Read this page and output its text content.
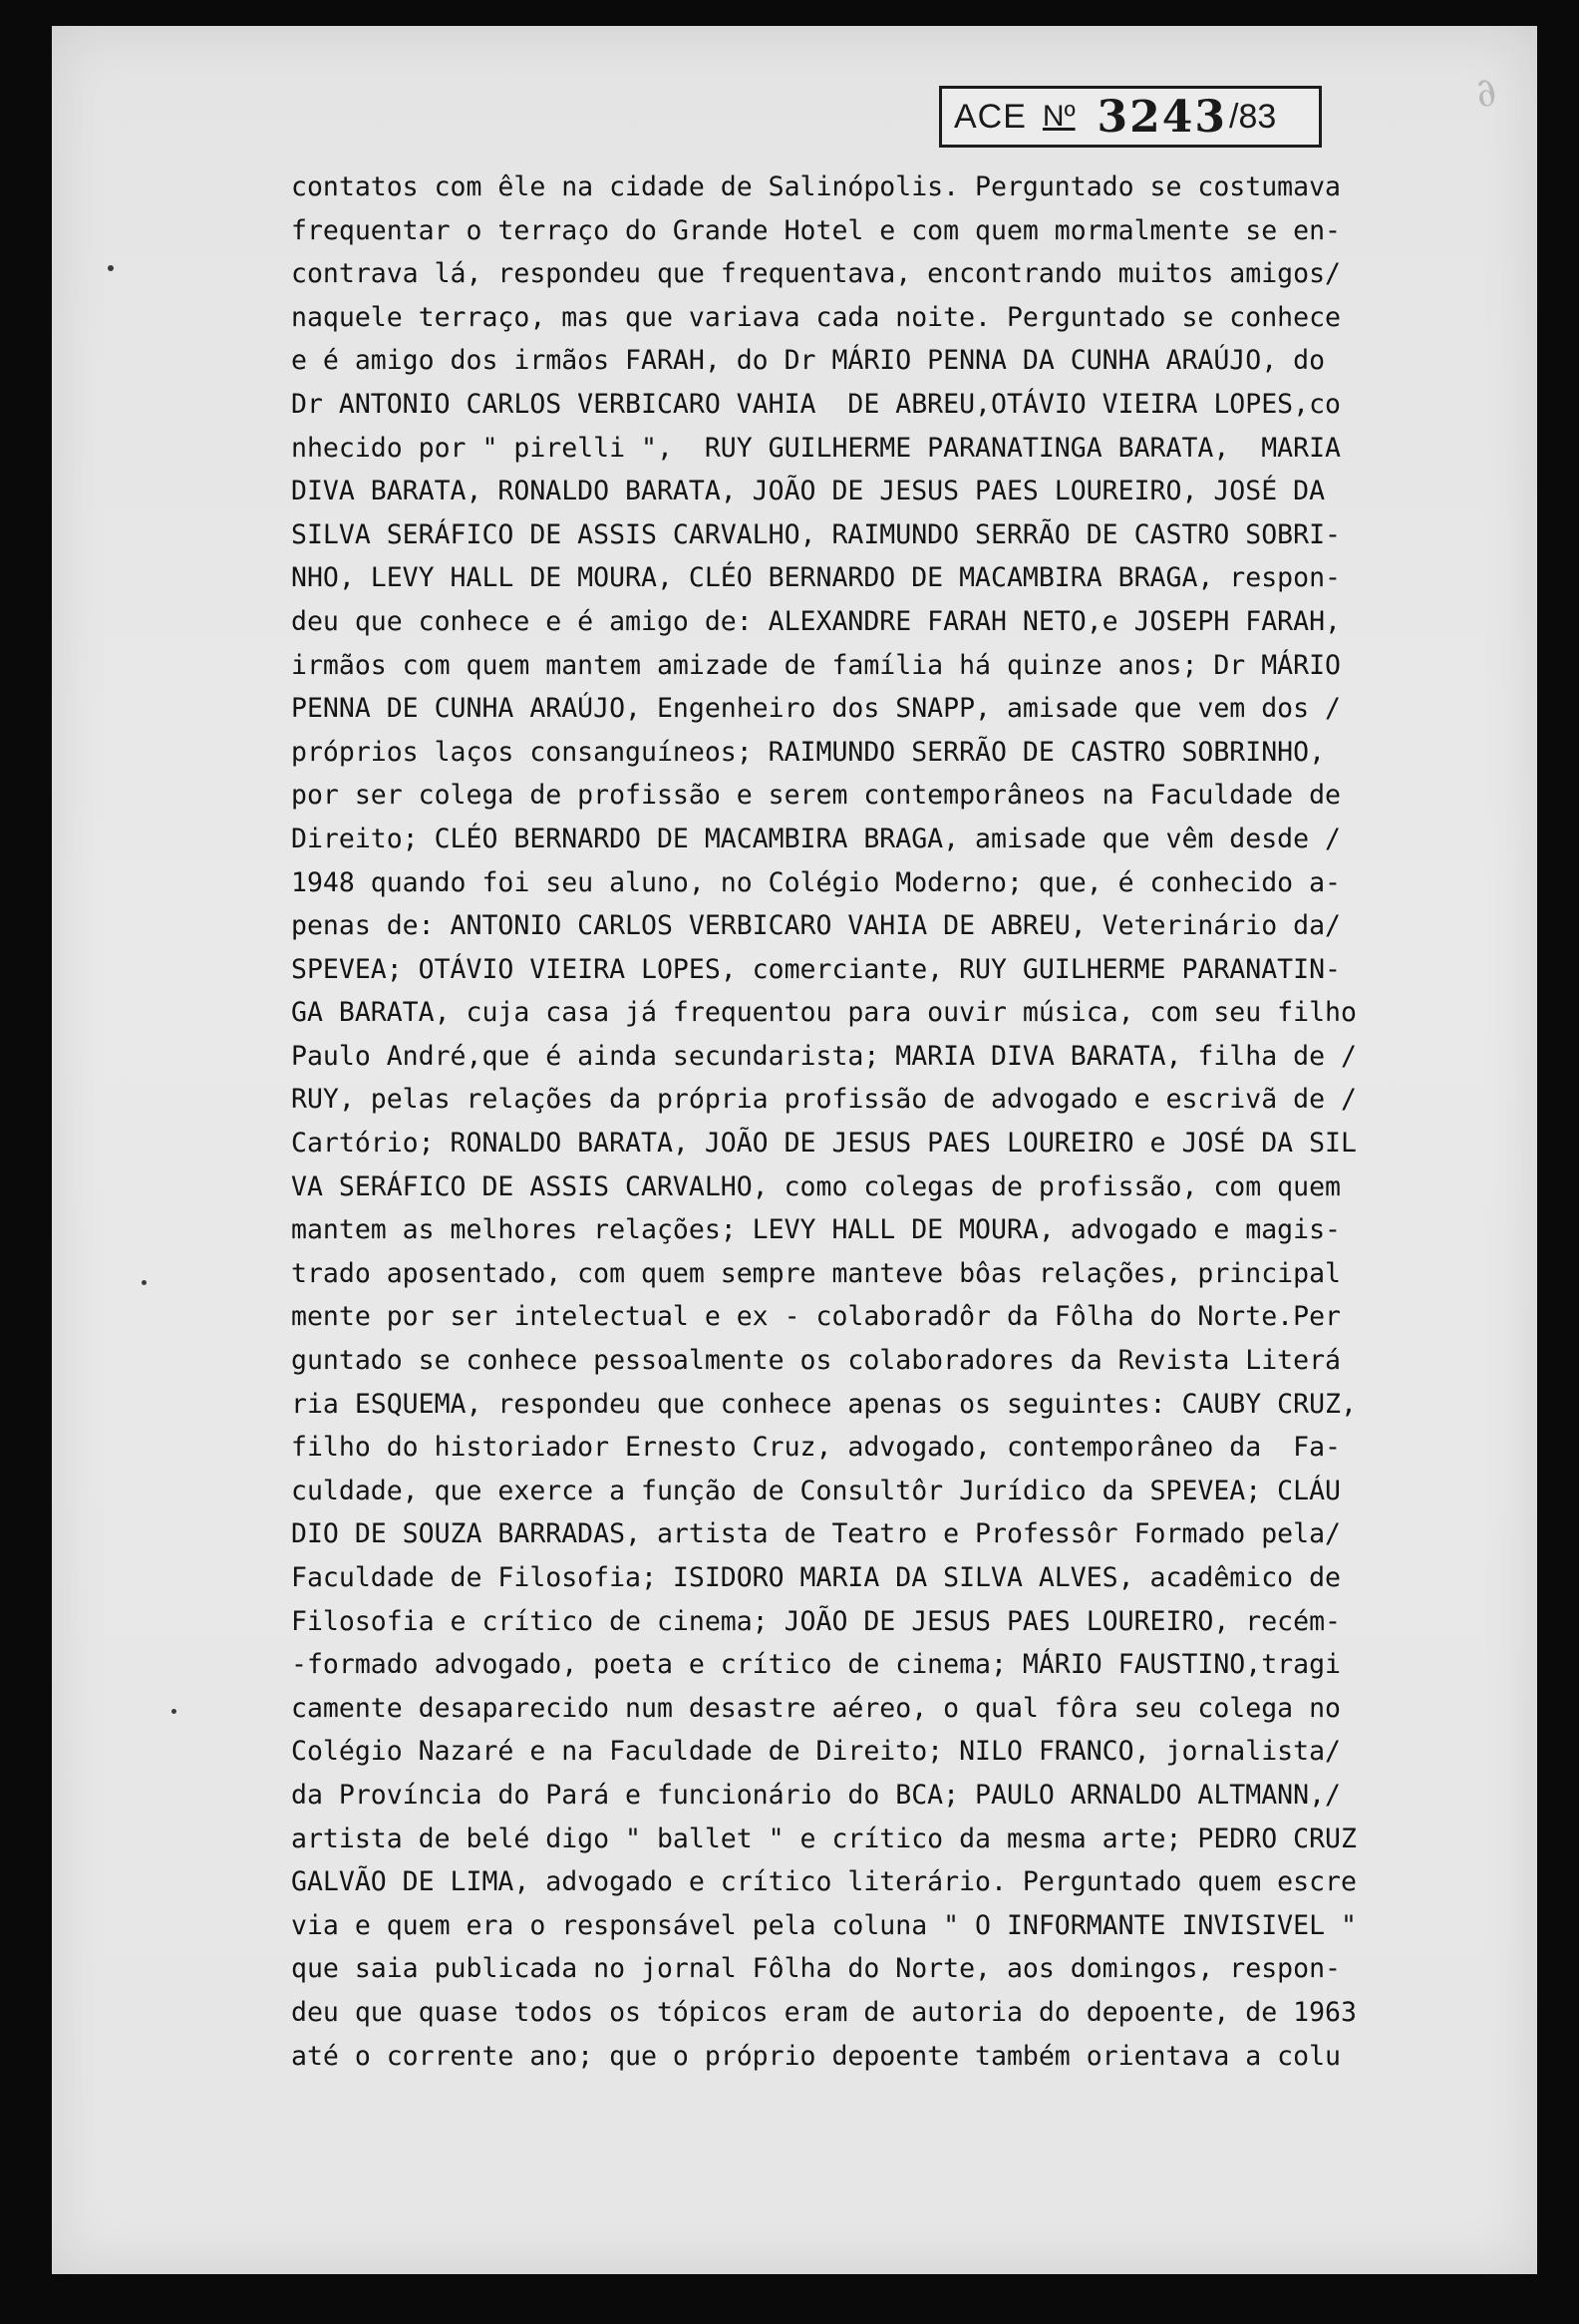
∂
ACE Nº 3243 /83
contatos com êle na cidade de Salinópolis. Perguntado se costumava
frequentar o terraço do Grande Hotel e com quem mormalmente se en-
contrava lá, respondeu que frequentava, encontrando muitos amigos/
naquele terraço, mas que variava cada noite. Perguntado se conhece
e é amigo dos irmãos FARAH, do Dr MÁRIO PENNA DA CUNHA ARAÚJO, do
Dr ANTONIO CARLOS VERBICARO VAHIA  DE ABREU,OTÁVIO VIEIRA LOPES,co
nhecido por " pirelli ",  RUY GUILHERME PARANATINGA BARATA,  MARIA
DIVA BARATA, RONALDO BARATA, JOÃO DE JESUS PAES LOUREIRO, JOSÉ DA
SILVA SERÁFICO DE ASSIS CARVALHO, RAIMUNDO SERRÃO DE CASTRO SOBRI-
NHO, LEVY HALL DE MOURA, CLÉO BERNARDO DE MACAMBIRA BRAGA, respon-
deu que conhece e é amigo de: ALEXANDRE FARAH NETO,e JOSEPH FARAH,
irmãos com quem mantem amizade de família há quinze anos; Dr MÁRIO
PENNA DE CUNHA ARAÚJO, Engenheiro dos SNAPP, amisade que vem dos /
próprios laços consanguíneos; RAIMUNDO SERRÃO DE CASTRO SOBRINHO,
por ser colega de profissão e serem contemporâneos na Faculdade de
Direito; CLÉO BERNARDO DE MACAMBIRA BRAGA, amisade que vêm desde /
1948 quando foi seu aluno, no Colégio Moderno; que, é conhecido a-
penas de: ANTONIO CARLOS VERBICARO VAHIA DE ABREU, Veterinário da/
SPEVEA; OTÁVIO VIEIRA LOPES, comerciante, RUY GUILHERME PARANATIN-
GA BARATA, cuja casa já frequentou para ouvir música, com seu filho
Paulo André,que é ainda secundarista; MARIA DIVA BARATA, filha de /
RUY, pelas relações da própria profissão de advogado e escrivã de /
Cartório; RONALDO BARATA, JOÃO DE JESUS PAES LOUREIRO e JOSÉ DA SIL
VA SERÁFICO DE ASSIS CARVALHO, como colegas de profissão, com quem
mantem as melhores relações; LEVY HALL DE MOURA, advogado e magis-
trado aposentado, com quem sempre manteve bôas relações, principal
mente por ser intelectual e ex - colaboradôr da Fôlha do Norte.Per
guntado se conhece pessoalmente os colaboradores da Revista Literá
ria ESQUEMA, respondeu que conhece apenas os seguintes: CAUBY CRUZ,
filho do historiador Ernesto Cruz, advogado, contemporâneo da  Fa-
culdade, que exerce a função de Consultôr Jurídico da SPEVEA; CLÁU
DIO DE SOUZA BARRADAS, artista de Teatro e Professôr Formado pela/
Faculdade de Filosofia; ISIDORO MARIA DA SILVA ALVES, acadêmico de
Filosofia e crítico de cinema; JOÃO DE JESUS PAES LOUREIRO, recém-
-formado advogado, poeta e crítico de cinema; MÁRIO FAUSTINO,tragi
camente desaparecido num desastre aéreo, o qual fôra seu colega no
Colégio Nazaré e na Faculdade de Direito; NILO FRANCO, jornalista/
da Província do Pará e funcionário do BCA; PAULO ARNALDO ALTMANN,/
artista de belé digo " ballet " e crítico da mesma arte; PEDRO CRUZ
GALVÃO DE LIMA, advogado e crítico literário. Perguntado quem escre
via e quem era o responsável pela coluna " O INFORMANTE INVISIVEL "
que saia publicada no jornal Fôlha do Norte, aos domingos, respon-
deu que quase todos os tópicos eram de autoria do depoente, de 1963
até o corrente ano; que o próprio depoente também orientava a colu
